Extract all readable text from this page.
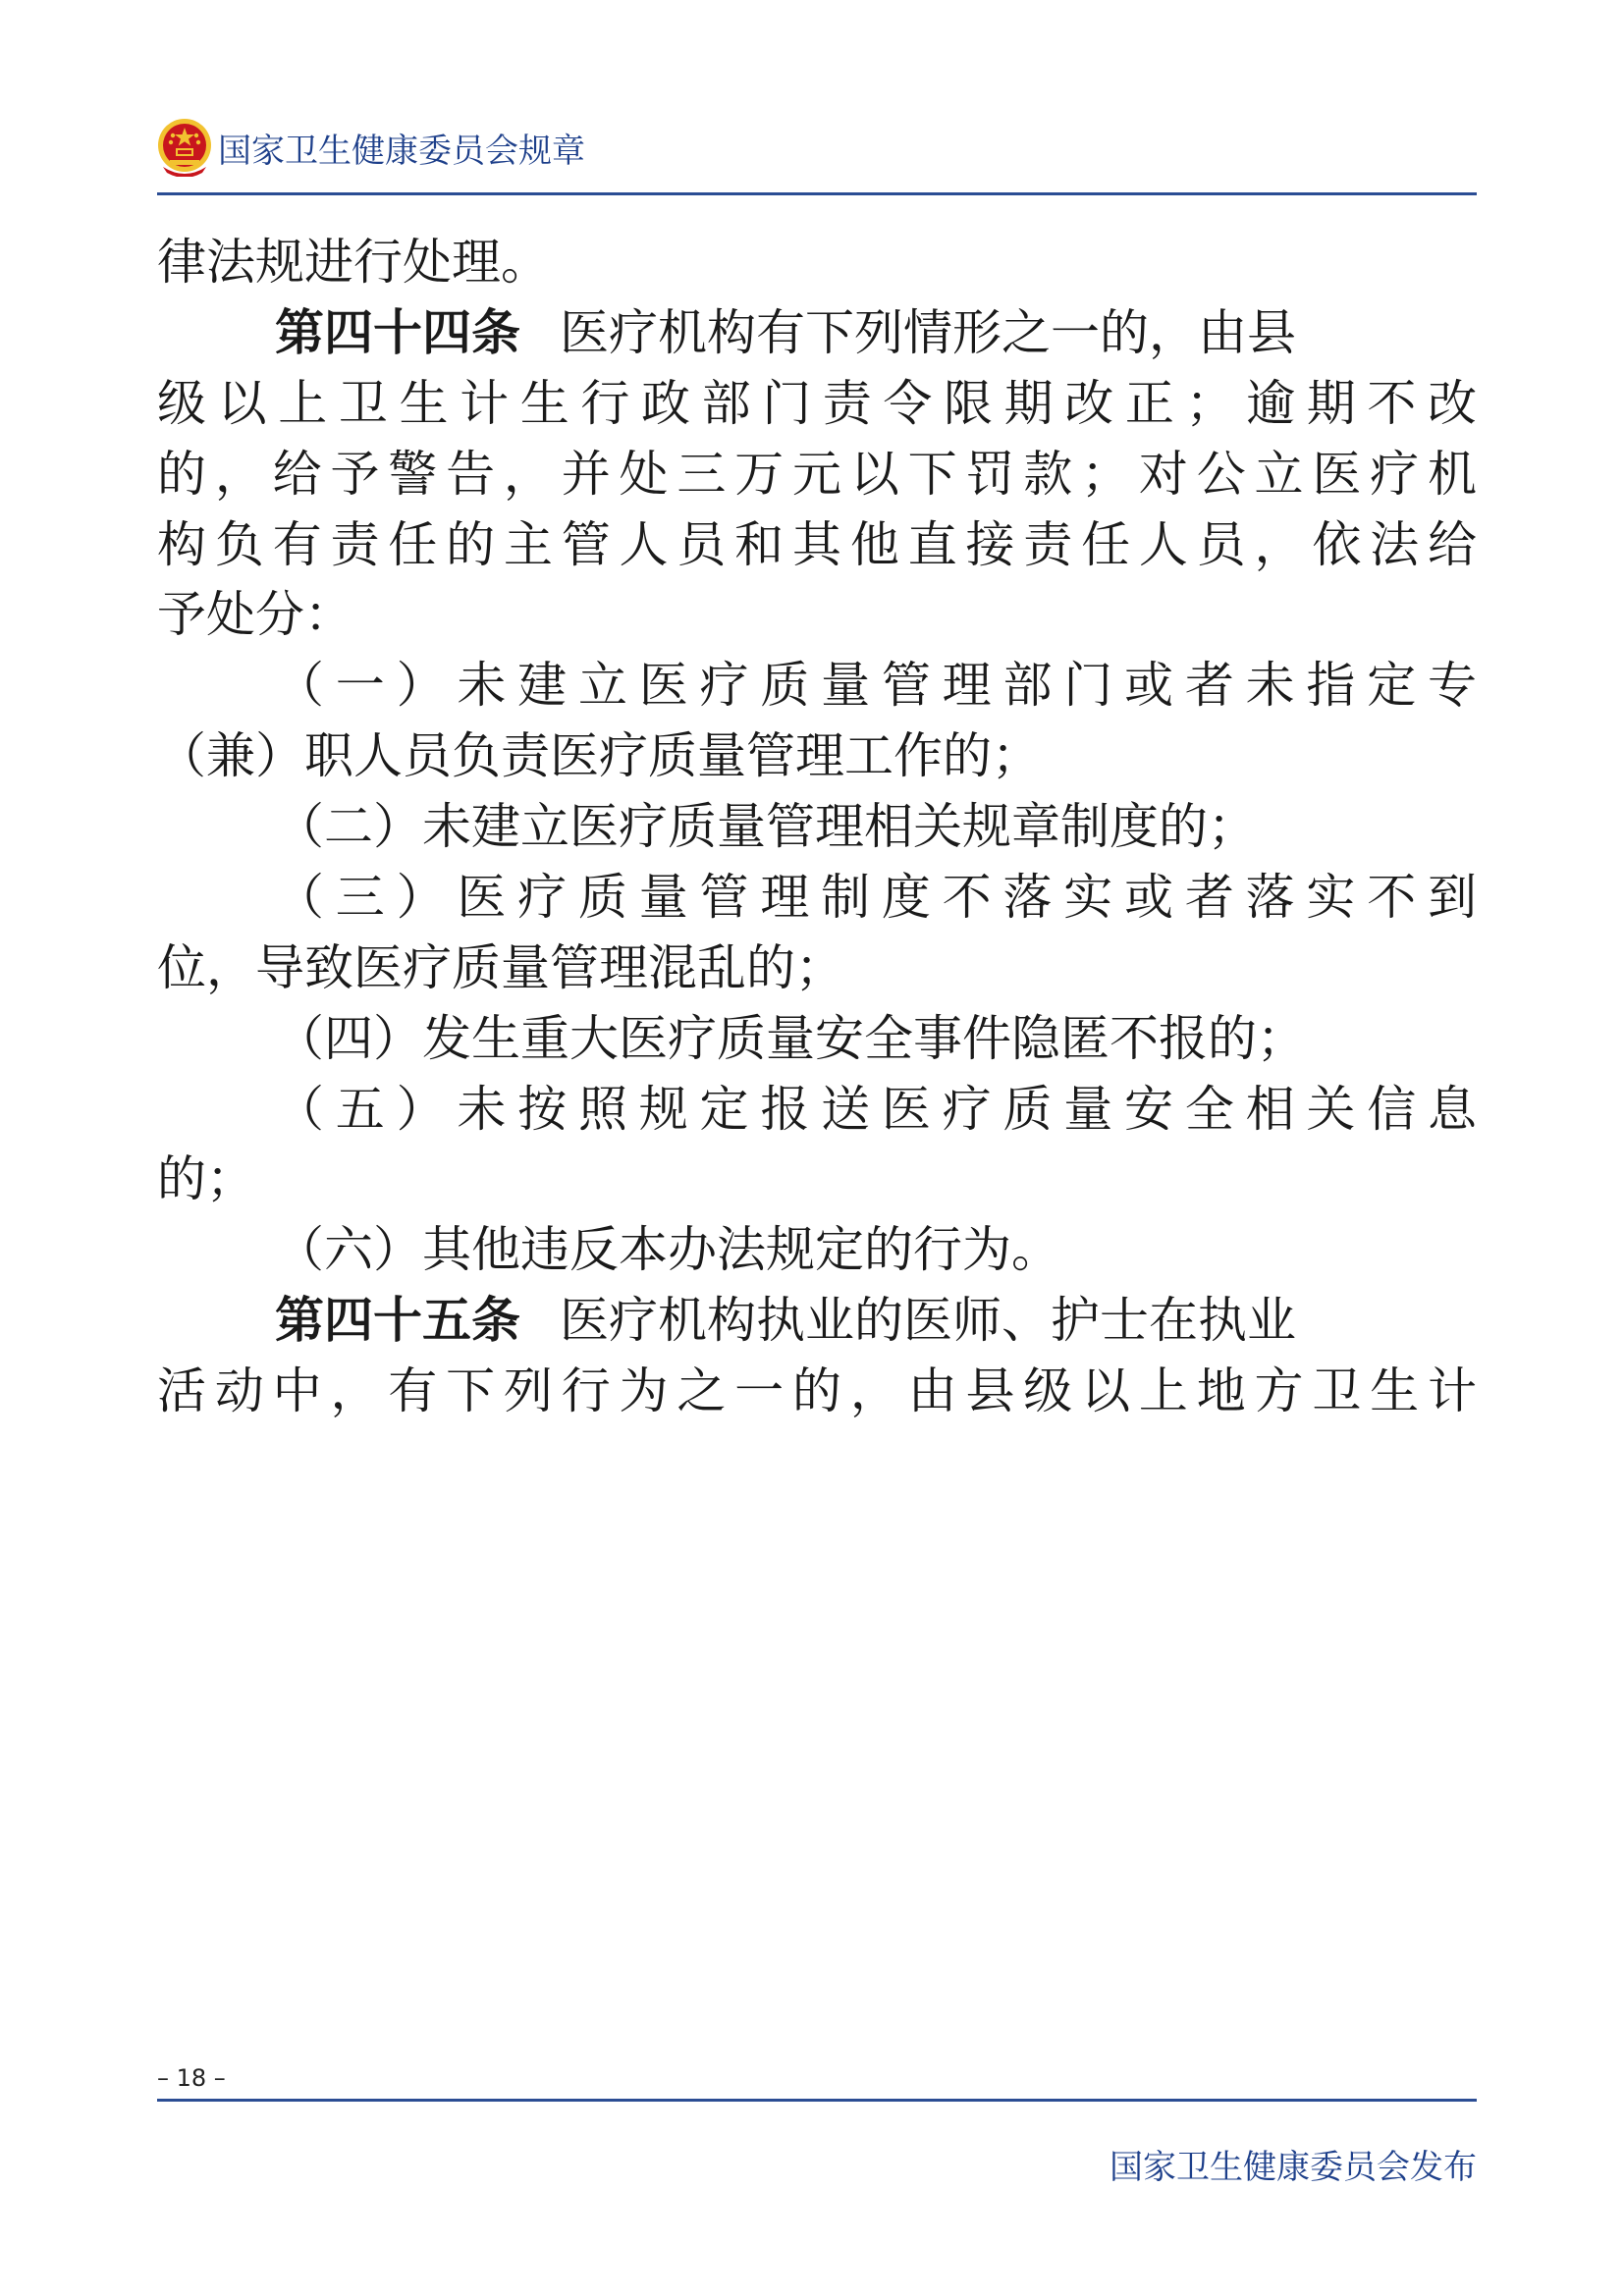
国家卫生健康委员会规章
律法规进行处理。
第四十四条 医疗机构有下列情形之一的，由县
级以上卫生计生行政部门责令限期改正；逾期不改
的，给予警告，并处三万元以下罚款；对公立医疗机
构负有责任的主管人员和其他直接责任人员，依法给
予处分：
（一）未建立医疗质量管理部门或者未指定专
（兼）职人员负责医疗质量管理工作的；
（二）未建立医疗质量管理相关规章制度的；
（三）医疗质量管理制度不落实或者落实不到
位，导致医疗质量管理混乱的；
（四）发生重大医疗质量安全事件隐匿不报的；
（五）未按照规定报送医疗质量安全相关信息
的；
（六）其他违反本办法规定的行为。
第四十五条 医疗机构执业的医师、护士在执业
活动中，有下列行为之一的，由县级以上地方卫生计
– 18 –
国家卫生健康委员会发布
